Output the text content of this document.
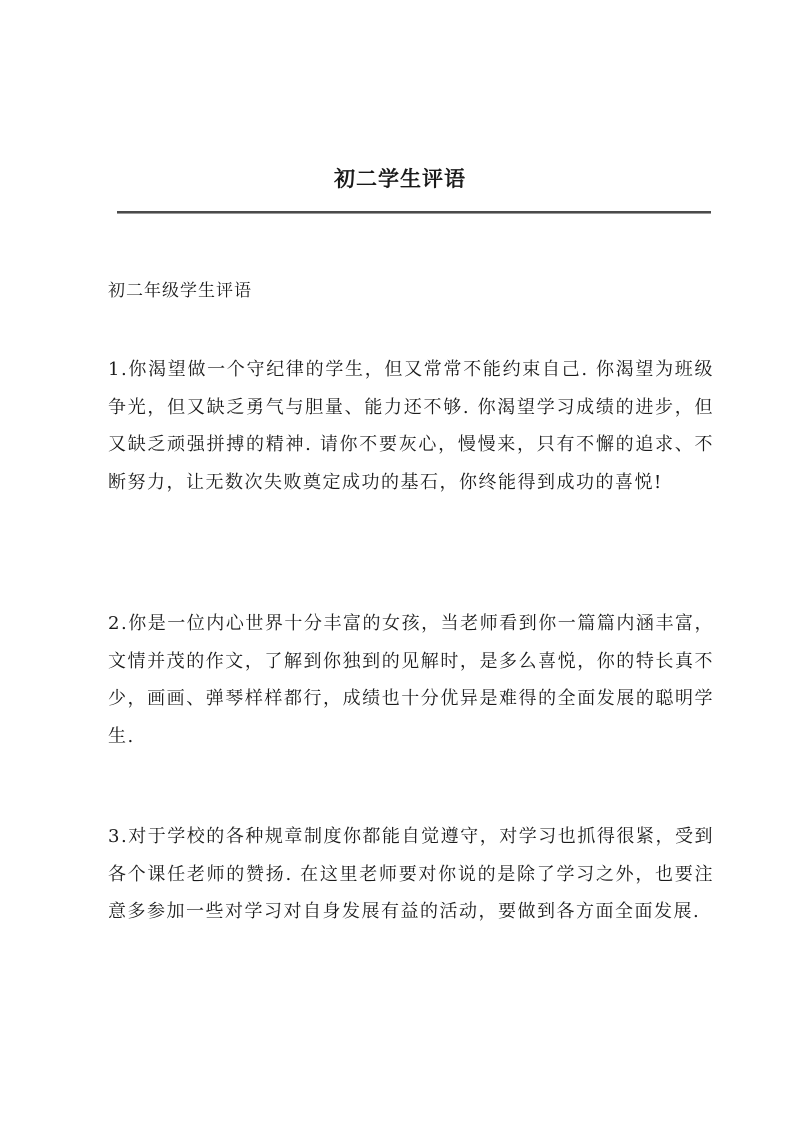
初二学生评语
初二年级学生评语

1.你渴望做一个守纪律的学生，但又常常不能约束自己. 你渴望为班级争光，但又缺乏勇气与胆量、能力还不够. 你渴望学习成绩的进步，但又缺乏顽强拼搏的精神. 请你不要灰心，慢慢来，只有不懈的追求、不断努力，让无数次失败奠定成功的基石，你终能得到成功的喜悦!

2.你是一位内心世界十分丰富的女孩，当老师看到你一篇篇内涵丰富，文情并茂的作文，了解到你独到的见解时，是多么喜悦，你的特长真不少，画画、弹琴样样都行，成绩也十分优异是难得的全面发展的聪明学生.

3.对于学校的各种规章制度你都能自觉遵守，对学习也抓得很紧，受到各个课任老师的赞扬. 在这里老师要对你说的是除了学习之外，也要注意多参加一些对学习对自身发展有益的活动，要做到各方面全面发展.
